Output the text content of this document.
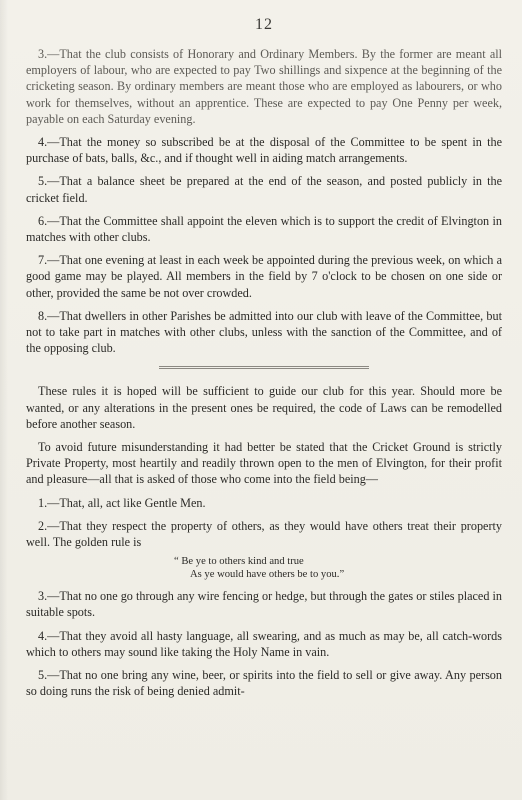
12

3.—That the club consists of Honorary and Ordinary Members. By the former are meant all employers of labour, who are expected to pay Two shillings and sixpence at the beginning of the cricketing season. By ordinary members are meant those who are employed as labourers, or who work for themselves, without an apprentice. These are expected to pay One Penny per week, payable on each Saturday evening.

4.—That the money so subscribed be at the disposal of the Committee to be spent in the purchase of bats, balls, &c., and if thought well in aiding match arrangements.

5.—That a balance sheet be prepared at the end of the season, and posted publicly in the cricket field.

6.—That the Committee shall appoint the eleven which is to support the credit of Elvington in matches with other clubs.

7.—That one evening at least in each week be appointed during the previous week, on which a good game may be played. All members in the field by 7 o'clock to be chosen on one side or other, provided the same be not over crowded.

8.—That dwellers in other Parishes be admitted into our club with leave of the Committee, but not to take part in matches with other clubs, unless with the sanction of the Committee, and of the opposing club.

These rules it is hoped will be sufficient to guide our club for this year. Should more be wanted, or any alterations in the present ones be required, the code of Laws can be remodelled before another season.

To avoid future misunderstanding it had better be stated that the Cricket Ground is strictly Private Property, most heartily and readily thrown open to the men of Elvington, for their profit and pleasure—all that is asked of those who come into the field being—

1.—That, all, act like Gentle Men.

2.—That they respect the property of others, as they would have others treat their property well. The golden rule is

“ Be ye to others kind and true
As ye would have others be to you.”

3.—That no one go through any wire fencing or hedge, but through the gates or stiles placed in suitable spots.

4.—That they avoid all hasty language, all swearing, and as much as may be, all catch-words which to others may sound like taking the Holy Name in vain.

5.—That no one bring any wine, beer, or spirits into the field to sell or give away. Any person so doing runs the risk of being denied admit-
